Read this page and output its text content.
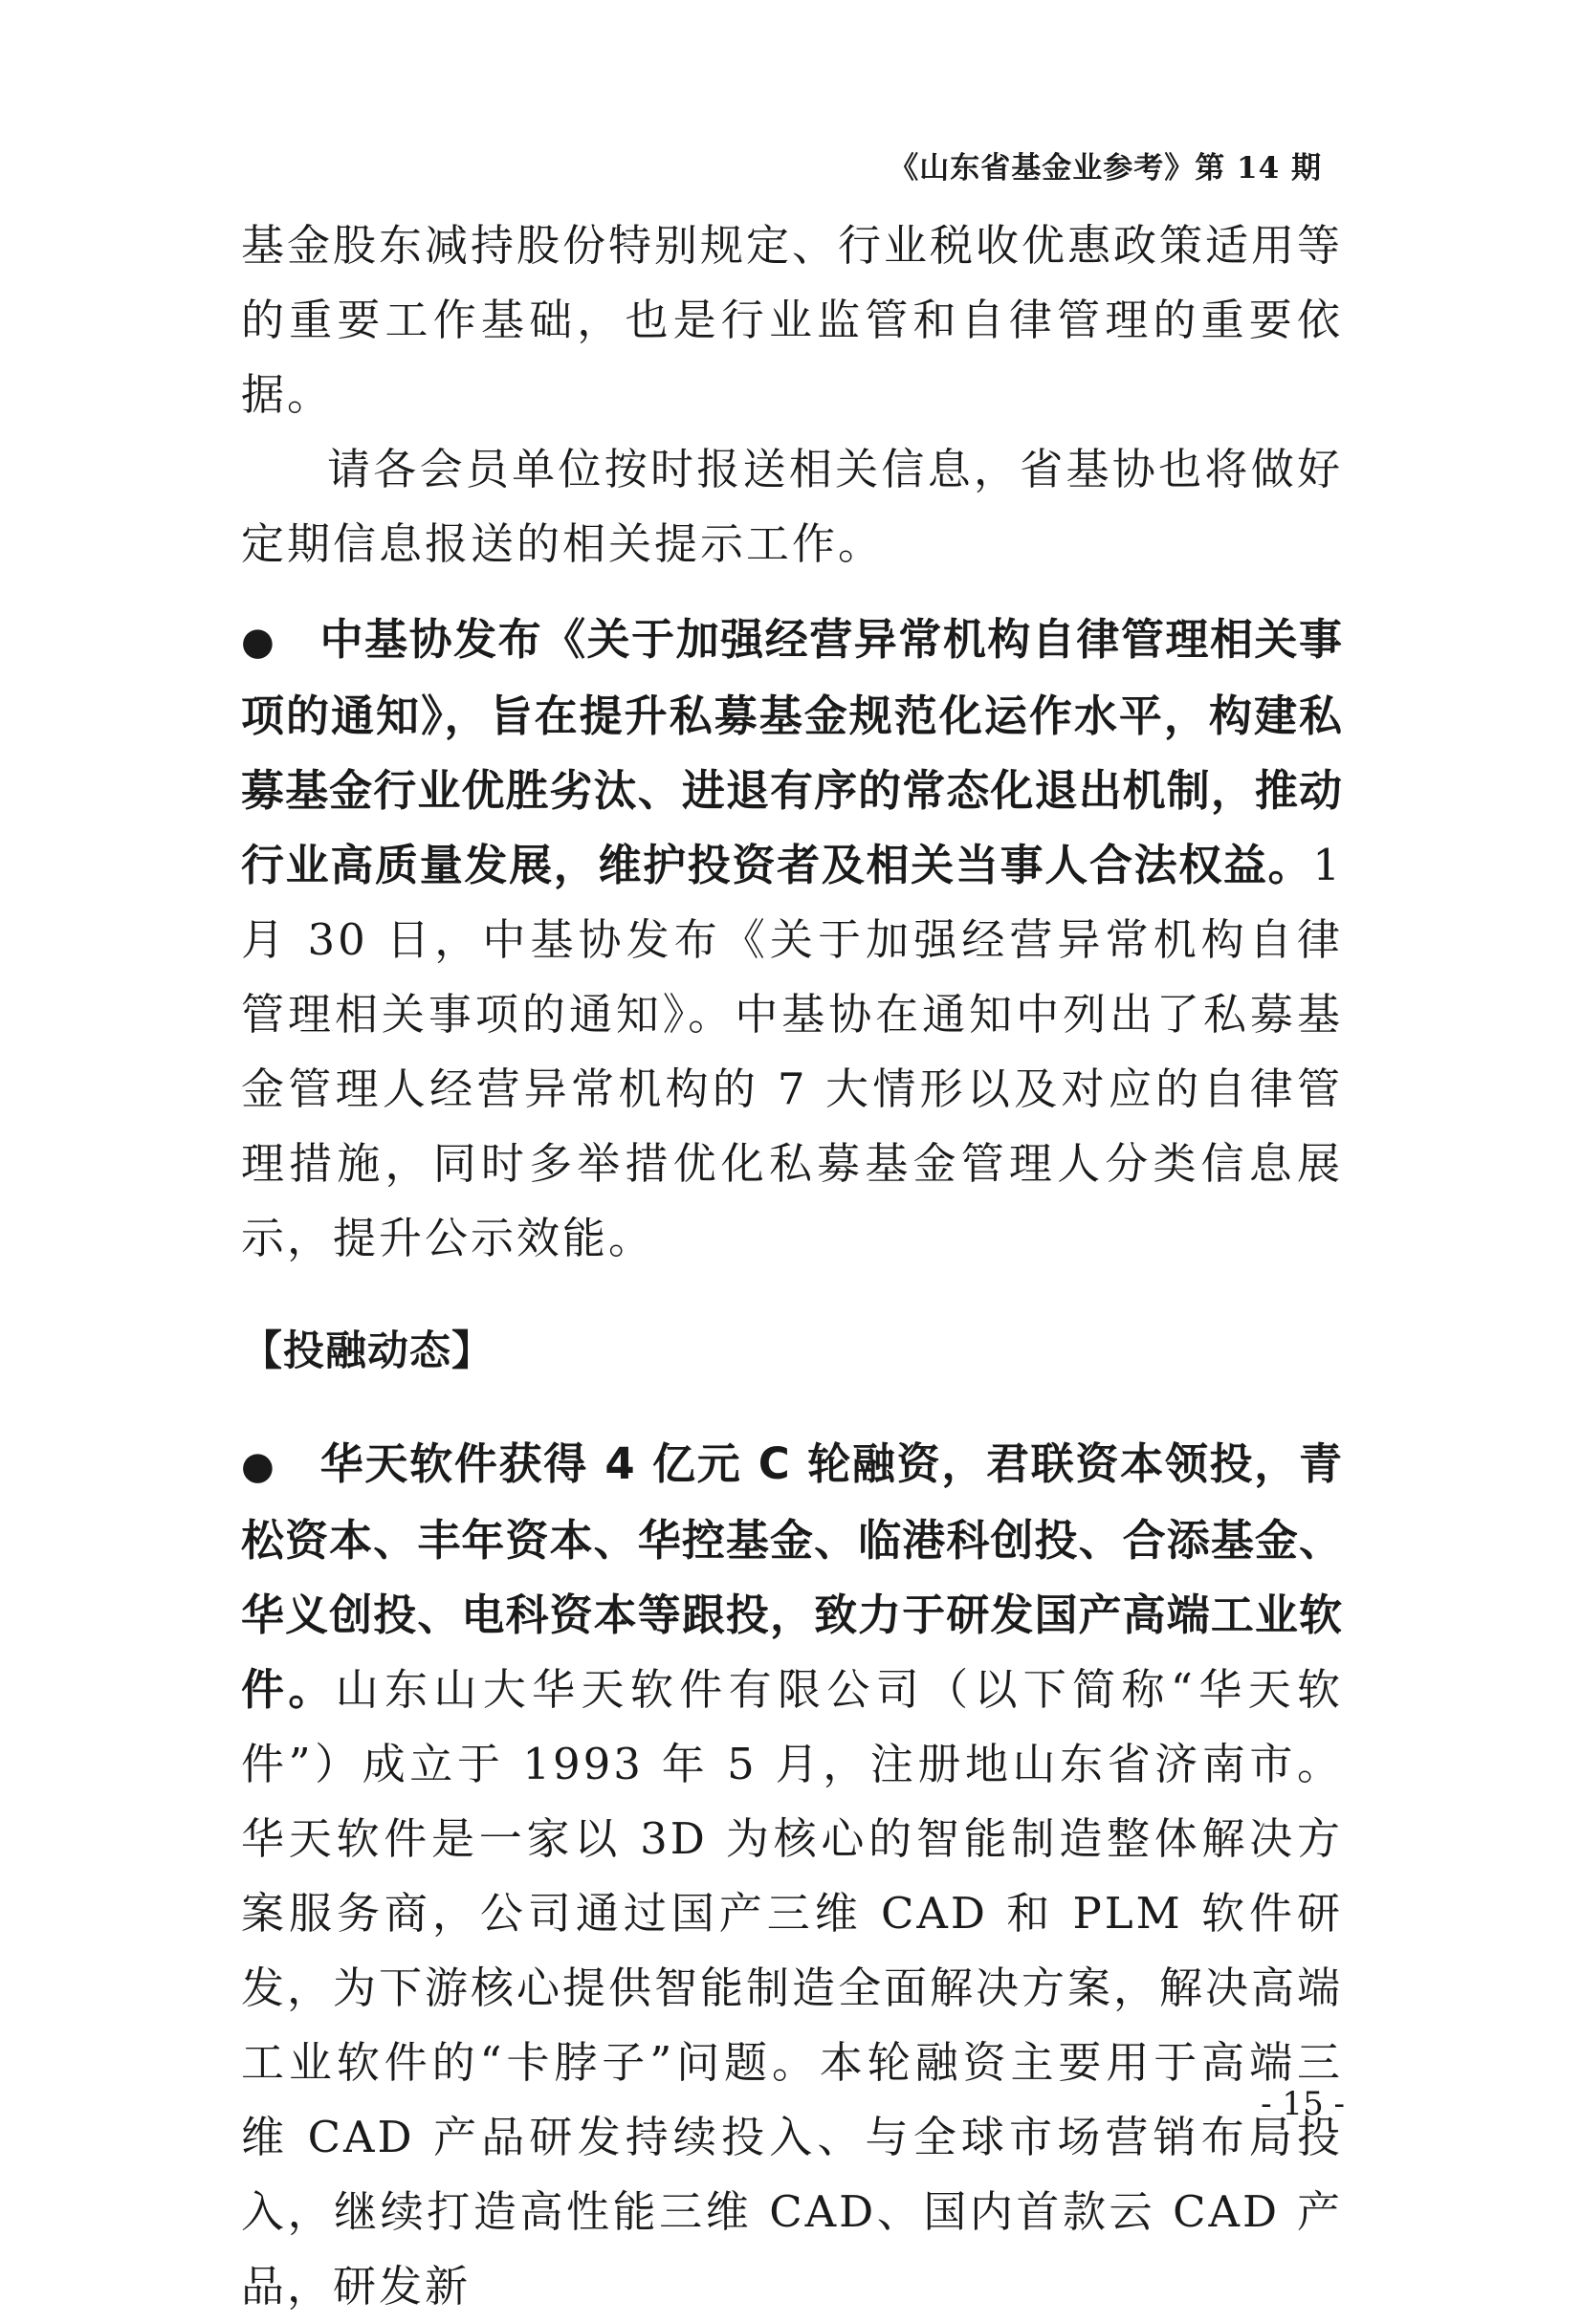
《山东省基金业参考》第 14 期

基金股东减持股份特别规定、行业税收优惠政策适用等的重要工作基础，也是行业监管和自律管理的重要依据。

请各会员单位按时报送相关信息，省基协也将做好定期信息报送的相关提示工作。

● 中基协发布《关于加强经营异常机构自律管理相关事项的通知》，旨在提升私募基金规范化运作水平，构建私募基金行业优胜劣汰、进退有序的常态化退出机制，推动行业高质量发展，维护投资者及相关当事人合法权益。1 月 30 日，中基协发布《关于加强经营异常机构自律管理相关事项的通知》。中基协在通知中列出了私募基金管理人经营异常机构的 7 大情形以及对应的自律管理措施，同时多举措优化私募基金管理人分类信息展示，提升公示效能。

【投融动态】

● 华天软件获得 4 亿元 C 轮融资，君联资本领投，青松资本、丰年资本、华控基金、临港科创投、合添基金、华义创投、电科资本等跟投，致力于研发国产高端工业软件。山东山大华天软件有限公司（以下简称“华天软件”）成立于 1993 年 5 月，注册地山东省济南市。华天软件是一家以 3D 为核心的智能制造整体解决方案服务商，公司通过国产三维 CAD 和 PLM 软件研发，为下游核心提供智能制造全面解决方案，解决高端工业软件的“卡脖子”问题。本轮融资主要用于高端三维 CAD 产品研发持续投入、与全球市场营销布局投入，继续打造高性能三维 CAD、国内首款云 CAD 产品，研发新

- 15 -
